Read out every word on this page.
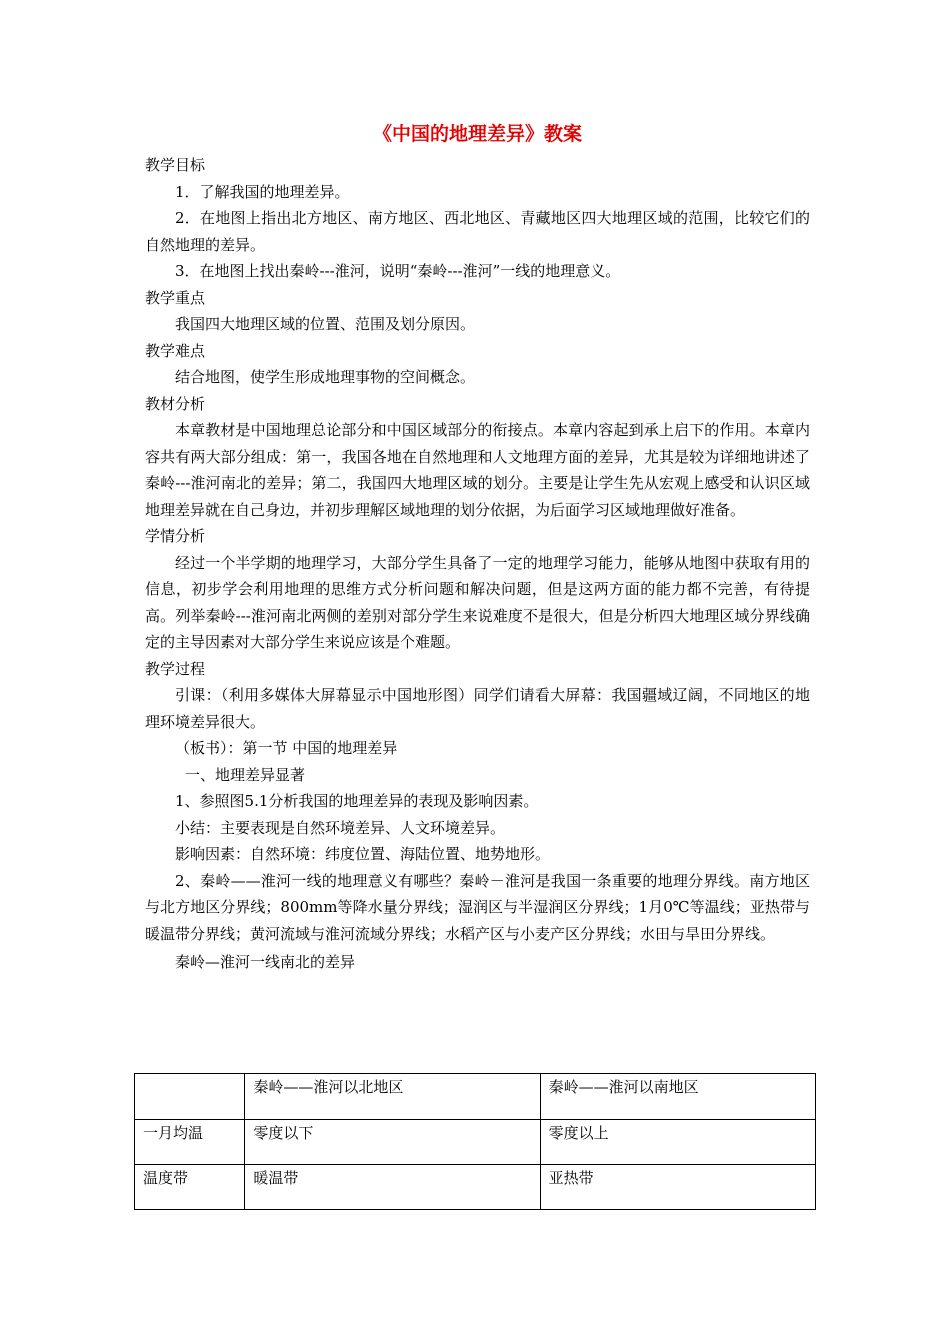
《中国的地理差异》教案

教学目标

1．了解我国的地理差异。

2．在地图上指出北方地区、南方地区、西北地区、青藏地区四大地理区域的范围，比较它们的自然地理的差异。

3．在地图上找出秦岭---淮河，说明“秦岭---淮河”一线的地理意义。

教学重点

我国四大地理区域的位置、范围及划分原因。

教学难点

结合地图，使学生形成地理事物的空间概念。

教材分析

本章教材是中国地理总论部分和中国区域部分的衔接点。本章内容起到承上启下的作用。本章内容共有两大部分组成：第一，我国各地在自然地理和人文地理方面的差异，尤其是较为详细地讲述了秦岭---淮河南北的差异；第二，我国四大地理区域的划分。主要是让学生先从宏观上感受和认识区域地理差异就在自己身边，并初步理解区域地理的划分依据，为后面学习区域地理做好准备。

学情分析

经过一个半学期的地理学习，大部分学生具备了一定的地理学习能力，能够从地图中获取有用的信息，初步学会利用地理的思维方式分析问题和解决问题，但是这两方面的能力都不完善，有待提高。列举秦岭---淮河南北两侧的差别对部分学生来说难度不是很大，但是分析四大地理区域分界线确定的主导因素对大部分学生来说应该是个难题。

教学过程

引课：（利用多媒体大屏幕显示中国地形图）同学们请看大屏幕：我国疆域辽阔，不同地区的地理环境差异很大。

（板书）：第一节 中国的地理差异

一、地理差异显著

1、参照图5.1分析我国的地理差异的表现及影响因素。

小结：主要表现是自然环境差异、人文环境差异。

影响因素：自然环境：纬度位置、海陆位置、地势地形。

2、秦岭——淮河一线的地理意义有哪些？秦岭－淮河是我国一条重要的地理分界线。南方地区与北方地区分界线；800mm等降水量分界线；湿润区与半湿润区分界线；1月0℃等温线；亚热带与暖温带分界线；黄河流域与淮河流域分界线；水稻产区与小麦产区分界线；水田与旱田分界线。

秦岭—淮河一线南北的差异

	秦岭——淮河以北地区	秦岭——淮河以南地区
一月均温	零度以下	零度以上
温度带	暖温带	亚热带
